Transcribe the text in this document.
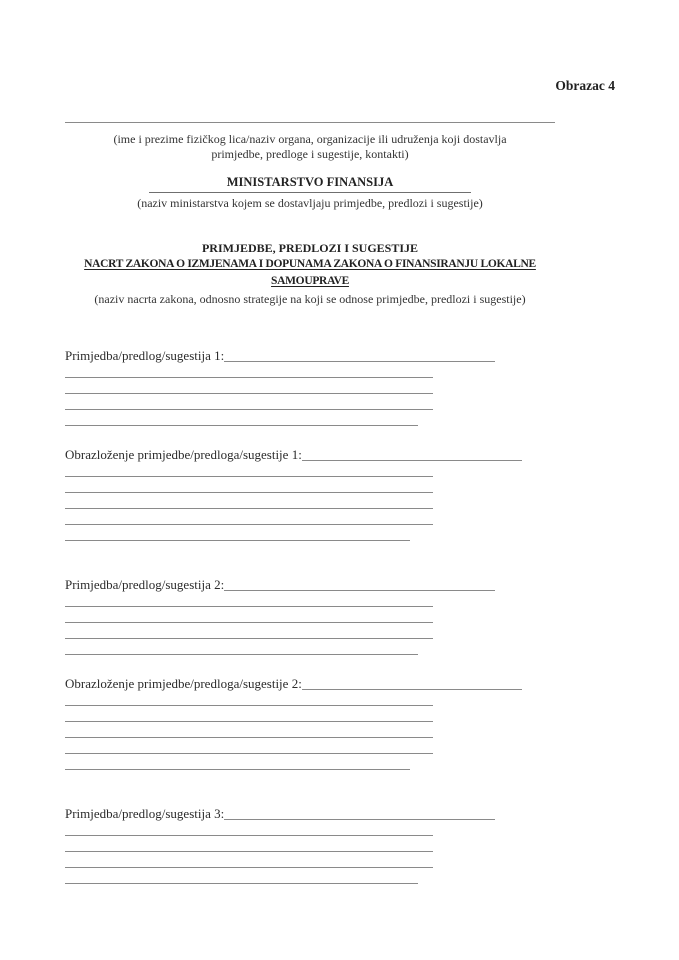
Obrazac 4
(ime i prezime fizičkog lica/naziv organa, organizacije ili udruženja koji dostavlja
primjedbe, predloge i sugestije, kontakti)
MINISTARSTVO FINANSIJA
(naziv ministarstva kojem se dostavljaju primjedbe, predlozi i sugestije)
PRIMJEDBE, PREDLOZI I SUGESTIJE
NACRT ZAKONA O IZMJENAMA I DOPUNAMA ZAKONA O FINANSIRANJU LOKALNE
SAMOUPRAVE
(naziv nacrta zakona, odnosno strategije na koji se odnose primjedbe, predlozi i sugestije)
Primjedba/predlog/sugestija 1:
Obrazloženje primjedbe/predloga/sugestije 1:
Primjedba/predlog/sugestija 2:
Obrazloženje primjedbe/predloga/sugestije 2:
Primjedba/predlog/sugestija 3:
